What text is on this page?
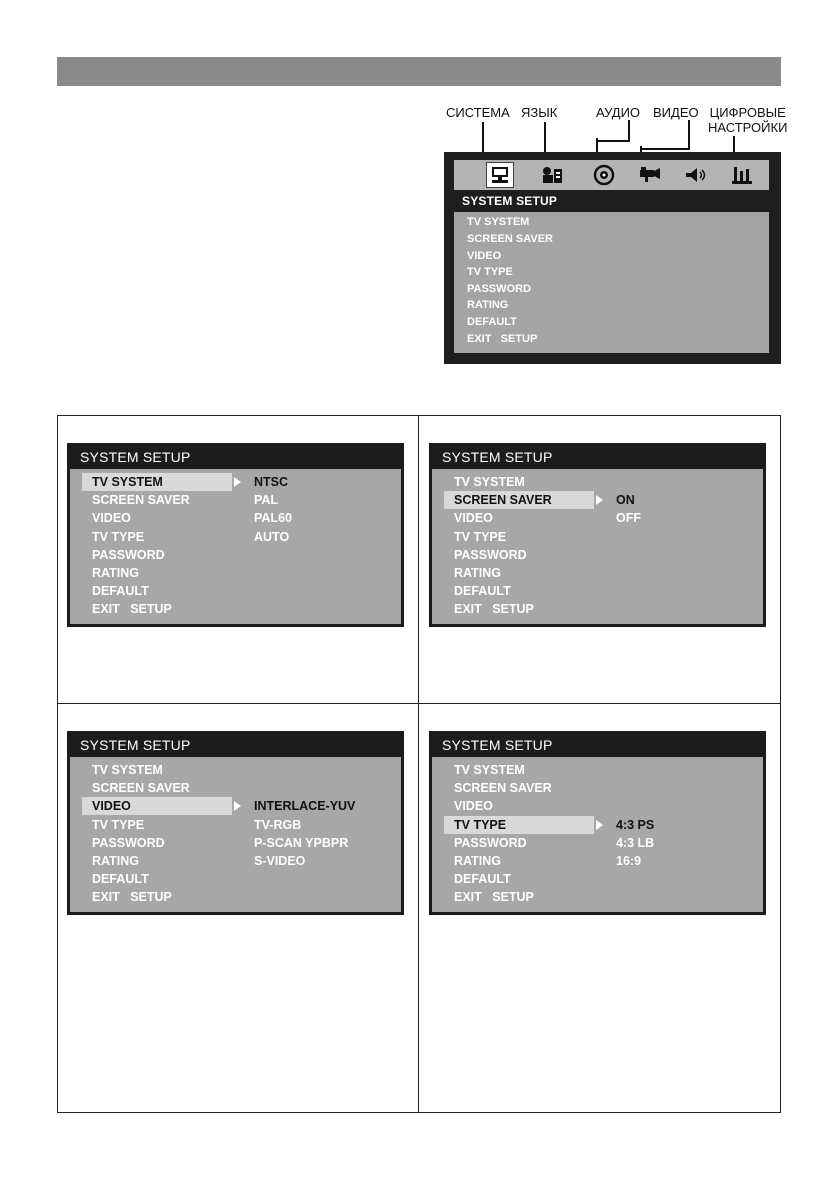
СИСТЕМА ЯЗЫК	АУДИО ВИДЕО ЦИФРОВЫЕ
НАСТРОЙКИ
SYSTEM SETUP
TV SYSTEM
SCREEN SAVER
VIDEO
TV TYPE
PASSWORD
RATING
DEFAULT
EXIT   SETUP
SYSTEM SETUP
TV SYSTEM
SCREEN SAVER
VIDEO
TV TYPE
PASSWORD
RATING
DEFAULT
EXIT   SETUP
NTSC
PAL
PAL60
AUTO
SYSTEM SETUP
TV SYSTEM
SCREEN SAVER
VIDEO
TV TYPE
PASSWORD
RATING
DEFAULT
EXIT   SETUP
ON
OFF
SYSTEM SETUP
TV SYSTEM
SCREEN SAVER
VIDEO
TV TYPE
PASSWORD
RATING
DEFAULT
EXIT   SETUP
INTERLACE-YUV
TV-RGB
P-SCAN YPBPR
S-VIDEO
SYSTEM SETUP
TV SYSTEM
SCREEN SAVER
VIDEO
TV TYPE
PASSWORD
RATING
DEFAULT
EXIT   SETUP
4:3 PS
4:3 LB
16:9
